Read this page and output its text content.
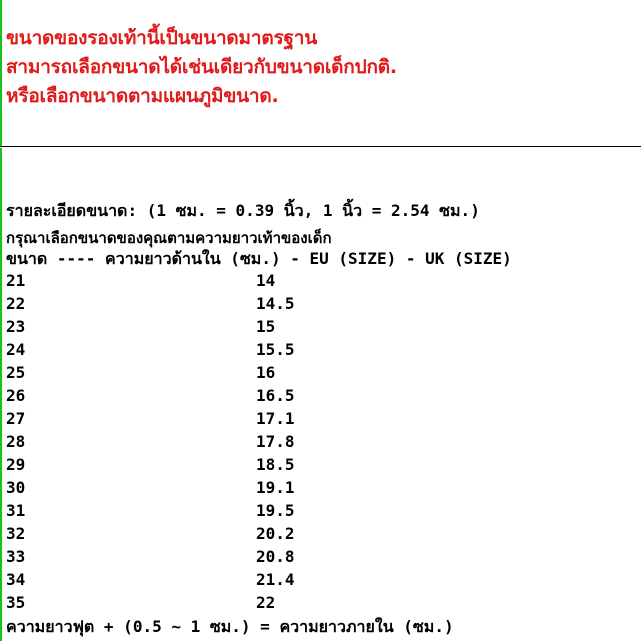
ขนาดของรองเท้านี้เป็นขนาดมาตรฐาน
สามารถเลือกขนาดได้เช่นเดียวกับขนาดเด็กปกติ.
หรือเลือกขนาดตามแผนภูมิขนาด.
รายละเอียดขนาด: (1 ซม. = 0.39 นิ้ว, 1 นิ้ว = 2.54 ซม.)
กรุณาเลือกขนาดของคุณตามความยาวเท้าของเด็ก
ขนาด ---- ความยาวด้านใน (ซม.) - EU (SIZE) - UK (SIZE)
21	14
22	14.5
23	15
24	15.5
25	16
26	16.5
27	17.1
28	17.8
29	18.5
30	19.1
31	19.5
32	20.2
33	20.8
34	21.4
35	22
ความยาวฟุต + (0.5 ~ 1 ซม.) = ความยาวภายใน (ซม.)
